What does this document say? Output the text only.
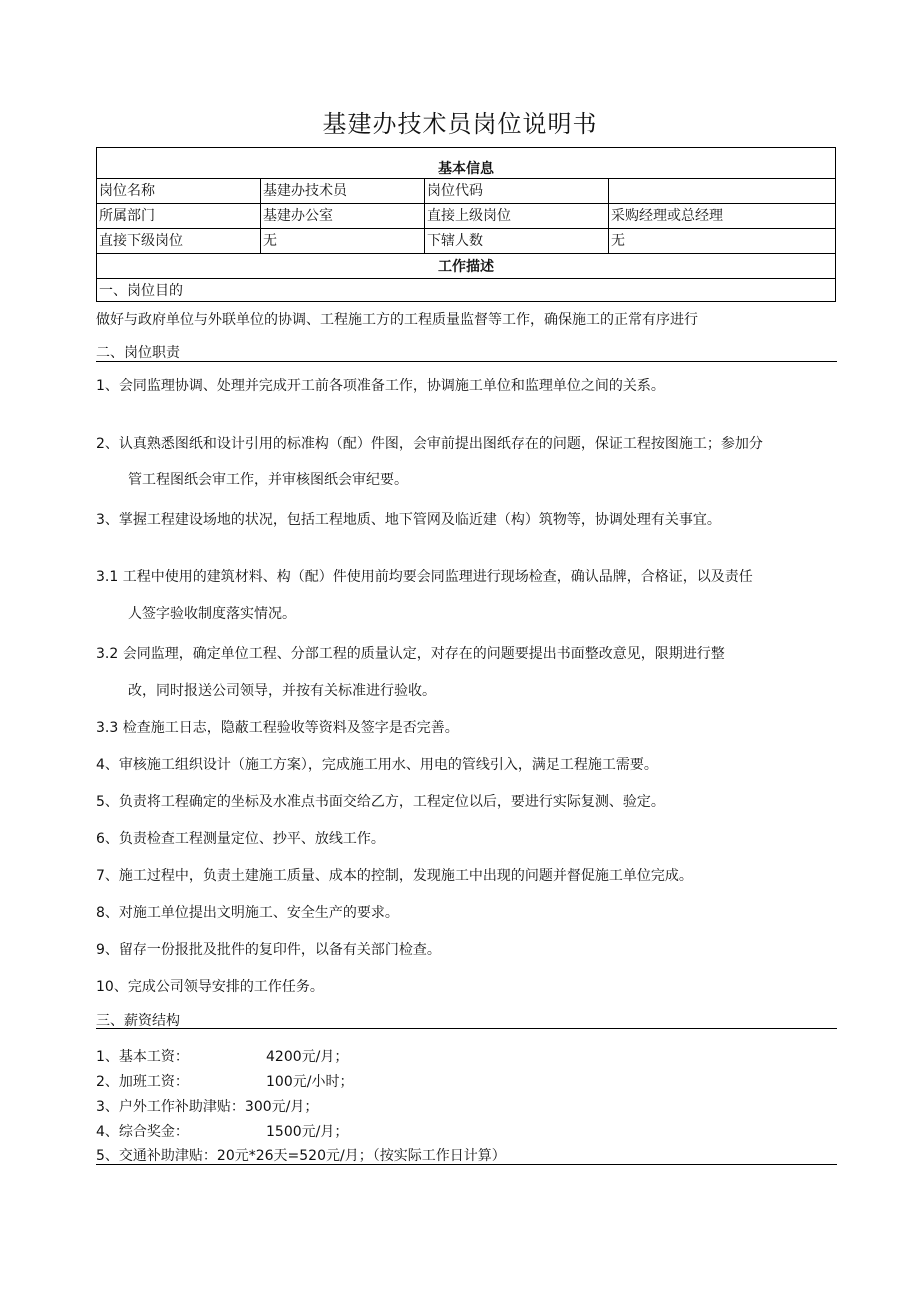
基建办技术员岗位说明书
基本信息			
岗位名称	基建办技术员	岗位代码	
所属部门	基建办公室	直接上级岗位	采购经理或总经理
直接下级岗位	无	下辖人数	无
工作描述			
一、岗位目的			
做好与政府单位与外联单位的协调、工程施工方的工程质量监督等工作，确保施工的正常有序进行
二、岗位职责
1、会同监理协调、处理并完成开工前各项准备工作，协调施工单位和监理单位之间的关系。
2、认真熟悉图纸和设计引用的标准构（配）件图，会审前提出图纸存在的问题，保证工程按图施工；参加分
管工程图纸会审工作，并审核图纸会审纪要。
3、掌握工程建设场地的状况，包括工程地质、地下管网及临近建（构）筑物等，协调处理有关事宜。
3.1 工程中使用的建筑材料、构（配）件使用前均要会同监理进行现场检查，确认品牌，合格证，以及责任
人签字验收制度落实情况。
3.2 会同监理，确定单位工程、分部工程的质量认定，对存在的问题要提出书面整改意见，限期进行整
改，同时报送公司领导，并按有关标准进行验收。
3.3 检查施工日志，隐蔽工程验收等资料及签字是否完善。
4、审核施工组织设计（施工方案），完成施工用水、用电的管线引入，满足工程施工需要。
5、负责将工程确定的坐标及水准点书面交给乙方，工程定位以后，要进行实际复测、验定。
6、负责检查工程测量定位、抄平、放线工作。
7、施工过程中，负责土建施工质量、成本的控制，发现施工中出现的问题并督促施工单位完成。
8、对施工单位提出文明施工、安全生产的要求。
9、留存一份报批及批件的复印件，以备有关部门检查。
10、完成公司领导安排的工作任务。
三、薪资结构
1、基本工资：	4200元/月；
2、加班工资：	100元/小时；
3、户外工作补助津贴：300元/月；
4、综合奖金：	1500元/月；
5、交通补助津贴：20元*26天=520元/月；（按实际工作日计算）
